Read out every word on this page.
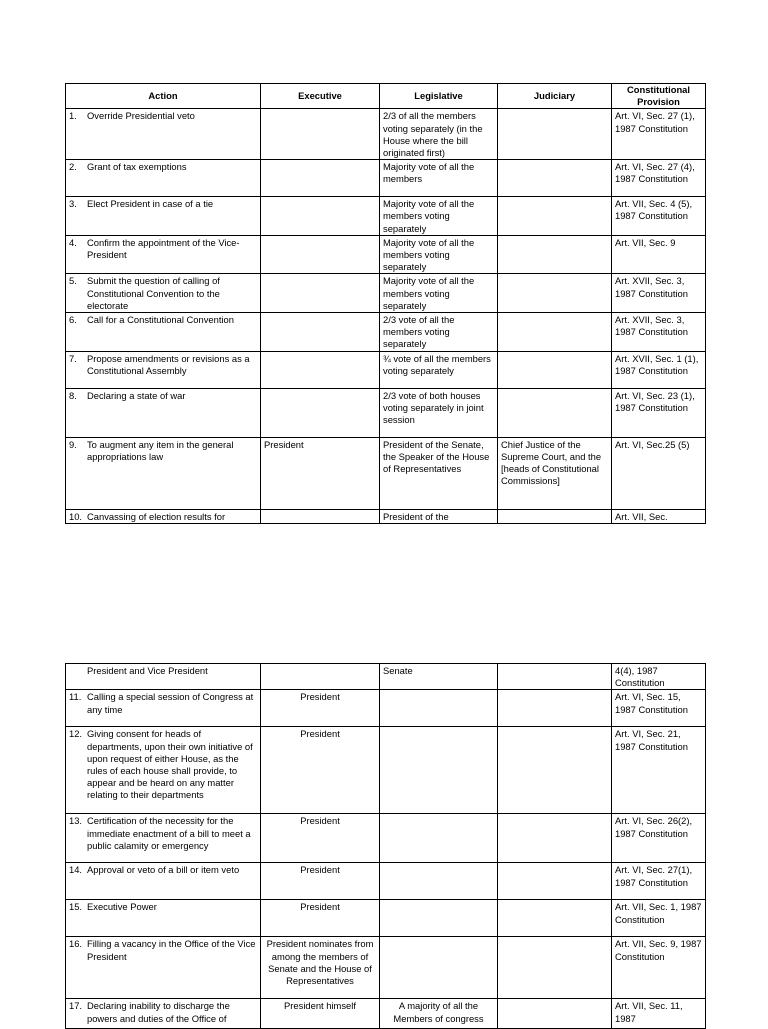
Action	Executive	Legislative	Judiciary	Constitutional Provision

1. Override Presidential veto		2/3 of all the members voting separately (in the House where the bill originated first)		Art. VI, Sec. 27 (1), 1987 Constitution

2. Grant of tax exemptions		Majority vote of all the members		Art. VI, Sec. 27 (4), 1987 Constitution

3. Elect President in case of a tie		Majority vote of all the members voting separately		Art. VII, Sec. 4 (5), 1987 Constitution

4. Confirm the appointment of the Vice-President		Majority vote of all the members voting separately		Art. VII, Sec. 9

5. Submit the question of calling of Constitutional Convention to the electorate		Majority vote of all the members voting separately		Art. XVII, Sec. 3, 1987 Constitution

6. Call for a Constitutional Convention		2/3 vote of all the members voting separately		Art. XVII, Sec. 3, 1987 Constitution

7. Propose amendments or revisions as a Constitutional Assembly		¾ vote of all the members voting separately		Art. XVII, Sec. 1 (1), 1987 Constitution

8. Declaring a state of war		2/3 vote of both houses voting separately in joint session		Art. VI, Sec. 23 (1), 1987 Constitution

9. To augment any item in the general appropriations law	President	President of the Senate, the Speaker of the House of Representatives	Chief Justice of the Supreme Court, and the [heads of Constitutional Commissions]	Art. VI, Sec.25 (5)

10. Canvassing of election results for		President of the		Art. VII, Sec.
President and Vice President		Senate		4(4), 1987 Constitution

11. Calling a special session of Congress at any time	President			Art. VI, Sec. 15, 1987 Constitution

12. Giving consent for heads of departments, upon their own initiative of upon request of either House, as the rules of each house shall provide, to appear and be heard on any matter relating to their departments	President			Art. VI, Sec. 21, 1987 Constitution

13. Certification of the necessity for the immediate enactment of a bill to meet a public calamity or emergency	President			Art. VI, Sec. 26(2), 1987 Constitution

14. Approval or veto of a bill or item veto	President			Art. VI, Sec. 27(1), 1987 Constitution

15. Executive Power	President			Art. VII, Sec. 1, 1987 Constitution

16. Filling a vacancy in the Office of the Vice President	President nominates from among the members of Senate and the House of Representatives			Art. VII, Sec. 9, 1987 Constitution

17. Declaring inability to discharge the powers and duties of the Office of	President himself	A majority of all the Members of congress		Art. VII, Sec. 11, 1987
